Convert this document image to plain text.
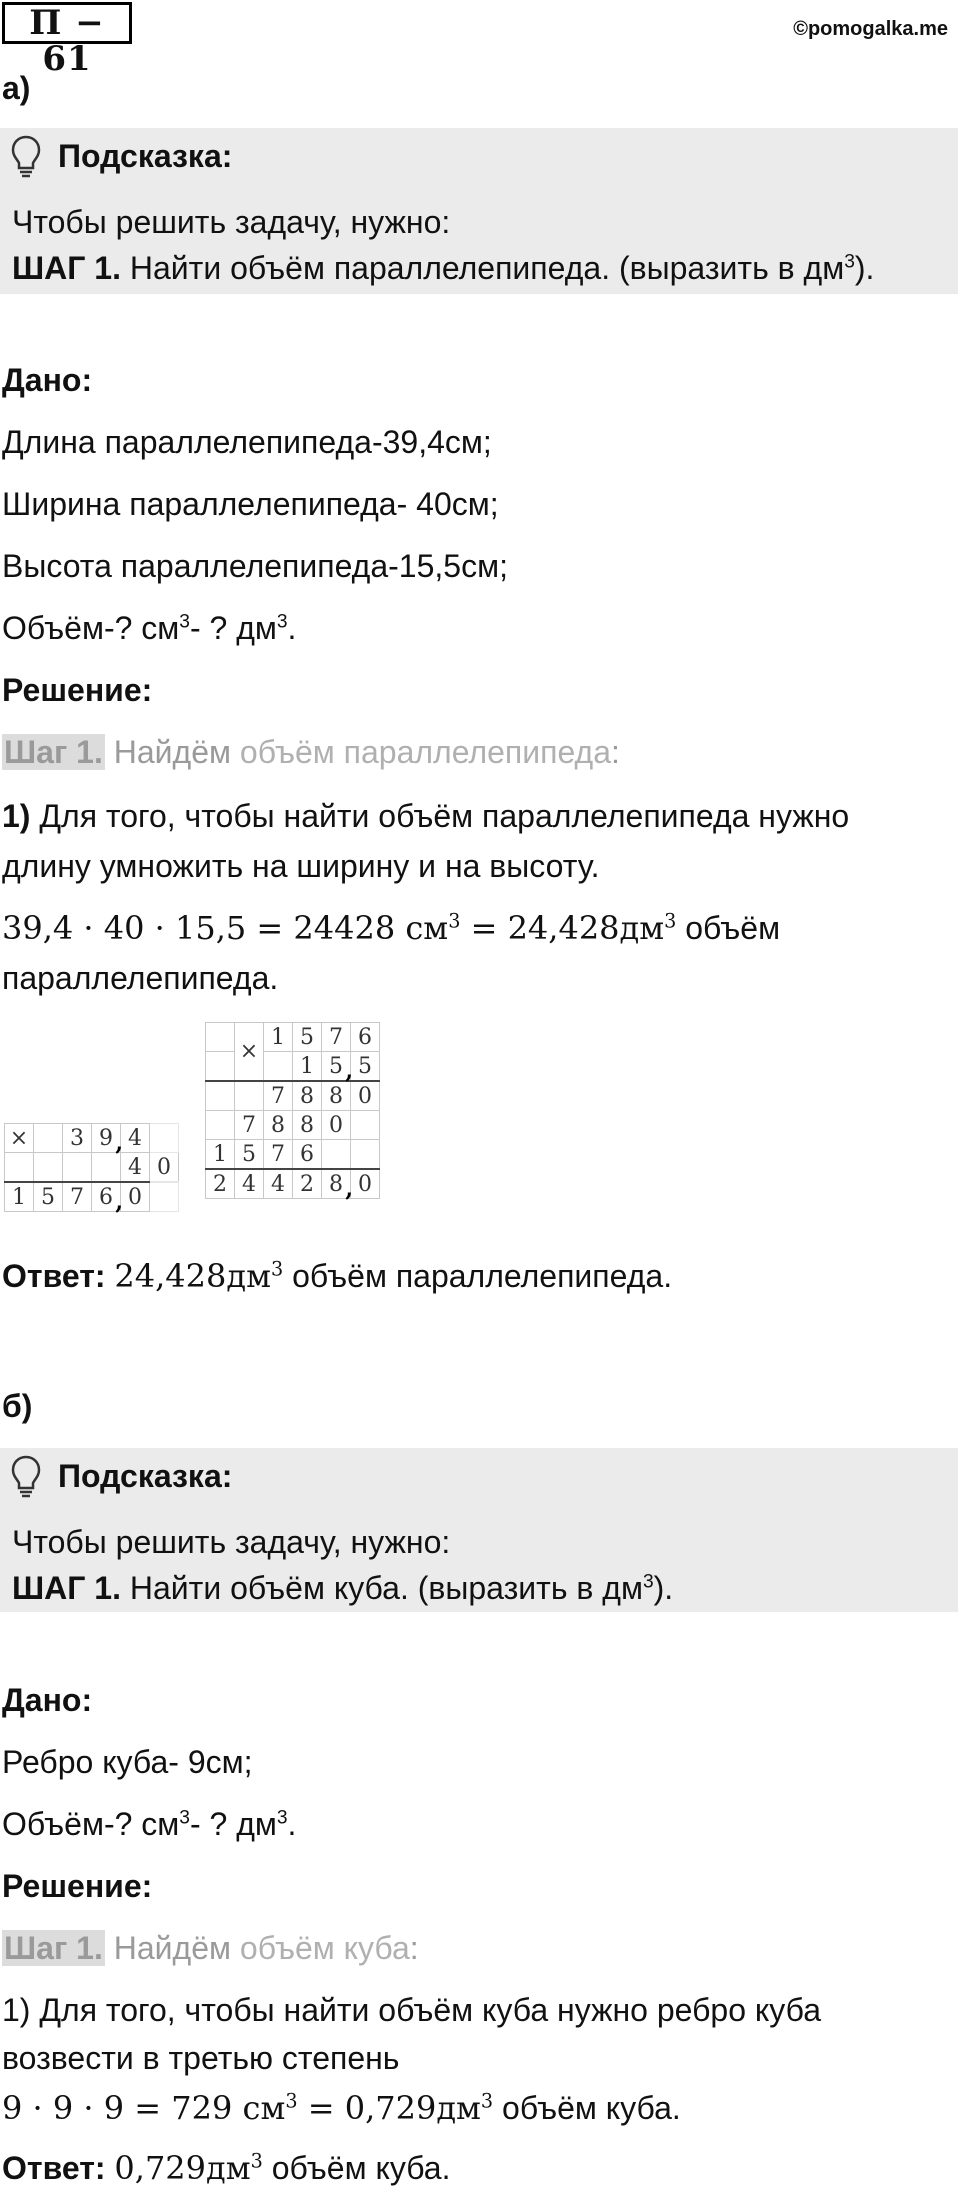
П − 61
©pomogalka.me
а)
Подсказка:
Чтобы решить задачу, нужно:
ШАГ 1. Найти объём параллелепипеда. (выразить в $дм^3$).
Дано:
Длина параллелепипеда-39,4см;
Ширина параллелепипеда- 40см;
Высота параллелепипеда-15,5см;
Объём-? $см^3-$ ? $дм^3$.
Решение:
Шаг 1. Найдём объём параллелепипеда:
1) Для того, чтобы найти объём параллелепипеда нужно
длину умножить на ширину и на высоту.
39,4 · 40 · 15,5 = 24428 $см^3 = 24,428дм^3$ объём
параллелепипеда.
×		3	9 ,	4	
				4	0
1	5	7	6 ,	0	
	×	1	5	7	6
			1	5 ,	5
		7	8	8	0
	7	8	8	0	
1	5	7	6		
2	4	4	2	8 ,	0
Ответ: $24,428дм^3$ объём параллелепипеда.
б)
Подсказка:
Чтобы решить задачу, нужно:
ШАГ 1. Найти объём куба. (выразить в $дм^3$).
Дано:
Ребро куба- 9см;
Объём-? $см^3-$ ? $дм^3$.
Решение:
Шаг 1. Найдём объём куба:
1) Для того, чтобы найти объём куба нужно ребро куба
возвести в третью степень
9 · 9 · 9 = 729 $см^3 = 0,729дм^3$ объём куба.
Ответ: $0,729дм^3$ объём куба.
